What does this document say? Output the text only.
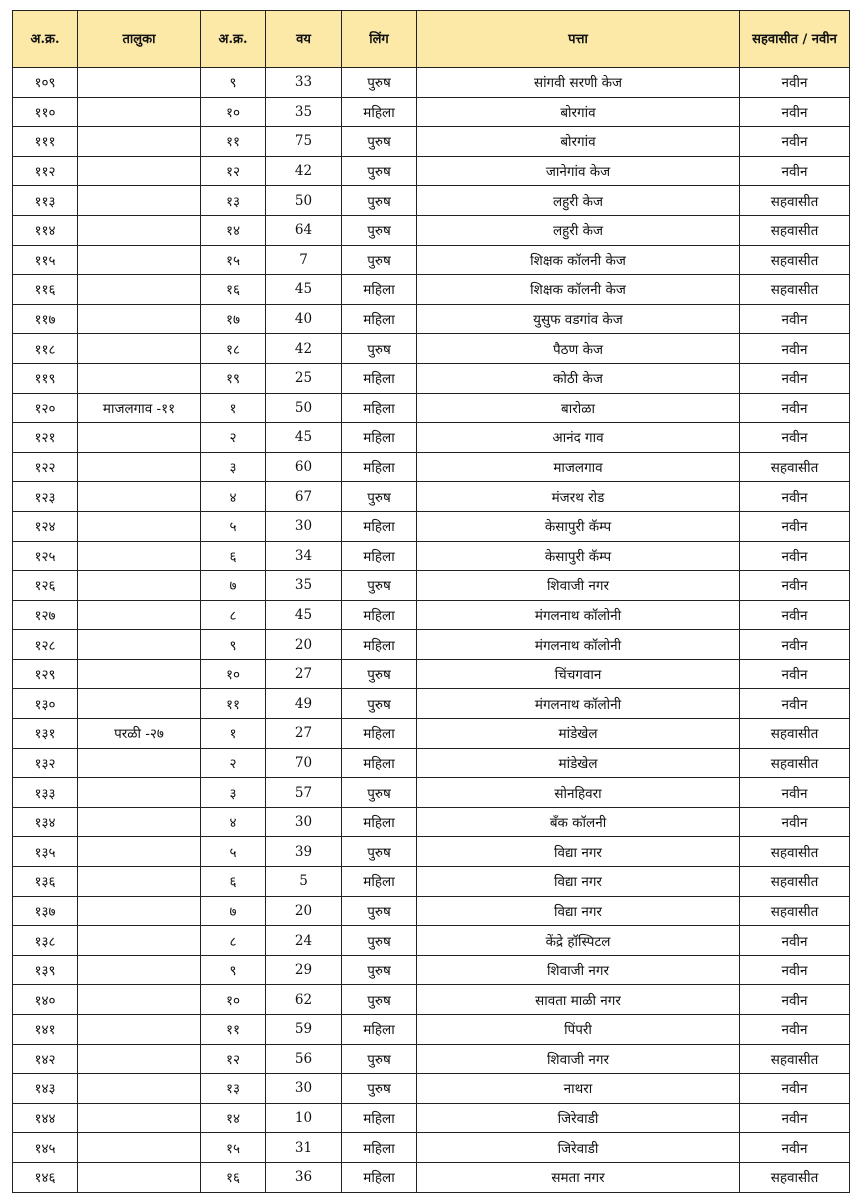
अ.क्र.	तालुका	अ.क्र.	वय	लिंग	पत्ता	सहवासीत / नवीन
१०९		९	33	पुरुष	सांगवी सरणी केज	नवीन
११०		१०	35	महिला	बोरगांव	नवीन
१११		११	75	पुरुष	बोरगांव	नवीन
११२		१२	42	पुरुष	जानेगांव केज	नवीन
११३		१३	50	पुरुष	लहुरी केज	सहवासीत
११४		१४	64	पुरुष	लहुरी केज	सहवासीत
११५		१५	7	पुरुष	शिक्षक कॉलनी केज	सहवासीत
११६		१६	45	महिला	शिक्षक कॉलनी केज	सहवासीत
११७		१७	40	महिला	युसुफ वडगांव केज	नवीन
११८		१८	42	पुरुष	पैठण केज	नवीन
११९		१९	25	महिला	कोठी केज	नवीन
१२०	माजलगाव -११	१	50	महिला	बारोळा	नवीन
१२१		२	45	महिला	आनंद गाव	नवीन
१२२		३	60	महिला	माजलगाव	सहवासीत
१२३		४	67	पुरुष	मंजरथ रोड	नवीन
१२४		५	30	महिला	केसापुरी कॅम्प	नवीन
१२५		६	34	महिला	केसापुरी कॅम्प	नवीन
१२६		७	35	पुरुष	शिवाजी नगर	नवीन
१२७		८	45	महिला	मंगलनाथ कॉलोनी	नवीन
१२८		९	20	महिला	मंगलनाथ कॉलोनी	नवीन
१२९		१०	27	पुरुष	चिंचगवान	नवीन
१३०		११	49	पुरुष	मंगलनाथ कॉलोनी	नवीन
१३१	परळी -२७	१	27	महिला	मांडेखेल	सहवासीत
१३२		२	70	महिला	मांडेखेल	सहवासीत
१३३		३	57	पुरुष	सोनहिवरा	नवीन
१३४		४	30	महिला	बँक कॉलनी	नवीन
१३५		५	39	पुरुष	विद्या नगर	सहवासीत
१३६		६	5	महिला	विद्या नगर	सहवासीत
१३७		७	20	पुरुष	विद्या नगर	सहवासीत
१३८		८	24	पुरुष	केंद्रे हॉस्पिटल	नवीन
१३९		९	29	पुरुष	शिवाजी नगर	नवीन
१४०		१०	62	पुरुष	सावता माळी नगर	नवीन
१४१		११	59	महिला	पिंपरी	नवीन
१४२		१२	56	पुरुष	शिवाजी नगर	सहवासीत
१४३		१३	30	पुरुष	नाथरा	नवीन
१४४		१४	10	महिला	जिरेवाडी	नवीन
१४५		१५	31	महिला	जिरेवाडी	नवीन
१४६		१६	36	महिला	समता नगर	सहवासीत
